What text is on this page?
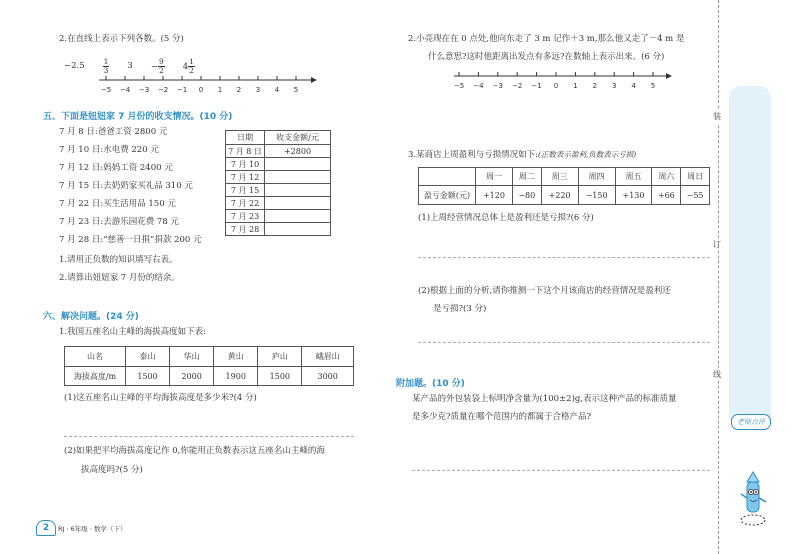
2.在直线上表示下列各数。(5 分)
$-2.5 \frac{1}{3} 3 - \frac{9}{2} 4 \frac{1}{2}$
−5 −4 −3 −2 −1 0 1 2 3 4 5
五、下面是妞妞家 7 月份的收支情况。(10 分)
7 月 8 日:爸爸工资 2800 元
7 月 10 日:水电费 220 元
7 月 12 日:妈妈工资 2400 元
7 月 15 日:去奶奶家买礼品 310 元
7 月 22 日:买生活用品 150 元
7 月 23 日:去游乐园花费 78 元
7 月 28 日:“慈善一日捐”捐款 200 元
日期	收支金额/元
7 月 8 日	+2800
7 月 10	
7 月 12	
7 月 15	
7 月 22	
7 月 23	
7 月 28	
1.请用正负数的知识填写右表。
2.请算出妞妞家 7 月份的结余。
六、解决问题。(24 分)
1.我国五座名山主峰的海拔高度如下表:
山名	泰山	华山	黄山	庐山	峨眉山
海拔高度/m	1500	2000	1900	1500	3000
(1)这五座名山主峰的平均海拔高度是多少米?(4 分)
(2)如果把平均海拔高度记作 0,你能用正负数表示这五座名山主峰的海
拔高度吗?(5 分)
2	RJ · 6年级 · 数学（下）
2.小亮现在在 0 点处,他向东走了 3 m 记作＋3 m,那么他又走了－4 m 是
什么意思?这时他距离出发点有多远?在数轴上表示出来。(6 分)
−5 −4 −3 −2 −1 0 1 2 3 4 5
3.某商店上周盈利与亏损情况如下:(正数表示盈利,负数表示亏损)
	周一	周二	周三	周四	周五	周六	周日
盈亏金额(元)	+120	−80	+220	−150	+130	+66	−55
(1)上周经营情况总体上是盈利还是亏损?(6 分)
(2)根据上面的分析,请你推测一下这个月该商店的经营情况是盈利还
是亏损?(3 分)
附加题。(10 分)
某产品的外包装袋上标明净含量为(100±2)g,表示这种产品的标准质量
是多少克?质量在哪个范围内的都属于合格产品?
装
订
线
老师点评
